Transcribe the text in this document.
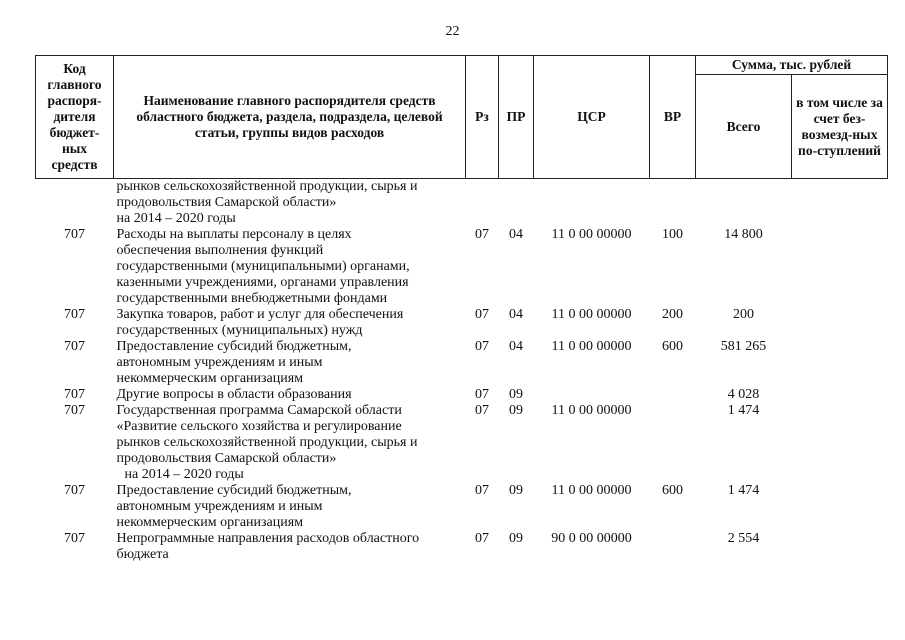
22
Код главного распоря-дителя бюджет-ных средств	Наименование главного распорядителя средств областного бюджета, раздела, подраздела, целевой статьи, группы видов расходов	Рз	ПР	ЦСР	ВР	Сумма, тыс. рублей	
						Всего	в том числе за счет без-возмезд-ных по-ступлений

	рынков сельскохозяйственной продукции, сырья и
продовольствия Самарской области»
на 2014 – 2020 годы						

707	Расходы на выплаты персоналу в целях
обеспечения выполнения функций
государственными (муниципальными) органами,
казенными учреждениями, органами управления
государственными внебюджетными фондами	07	04	11 0 00 00000	100	14 800	
707	Закупка товаров, работ и услуг для обеспечения
государственных (муниципальных) нужд	07	04	11 0 00 00000	200	200	
707	Предоставление субсидий бюджетным,
автономным учреждениям и иным
некоммерческим организациям	07	04	11 0 00 00000	600	581 265	
707	Другие вопросы в области образования	07	09			4 028	
707	Государственная программа Самарской области
«Развитие сельского хозяйства и регулирование
рынков сельскохозяйственной продукции, сырья и
продовольствия Самарской области»
на 2014 – 2020 годы	07	09	11 0 00 00000		1 474	
707	Предоставление субсидий бюджетным,
автономным учреждениям и иным
некоммерческим организациям	07	09	11 0 00 00000	600	1 474	
707	Непрограммные направления расходов областного
бюджета	07	09	90 0 00 00000		2 554	
